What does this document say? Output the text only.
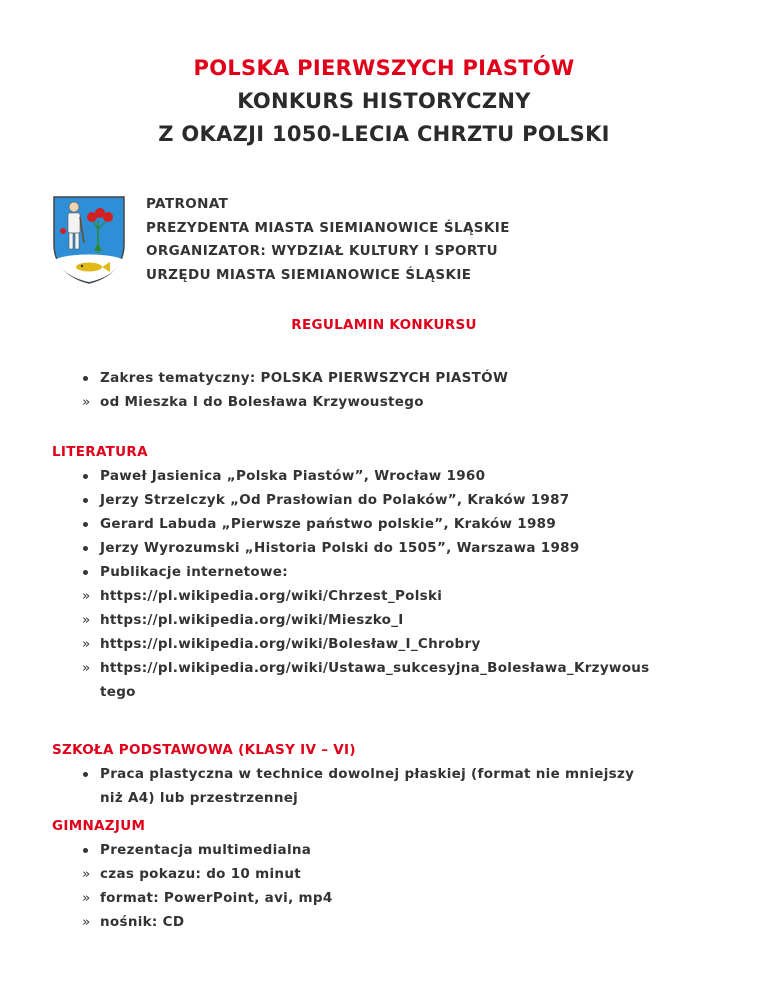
POLSKA PIERWSZYCH PIASTÓW
KONKURS HISTORYCZNY
Z OKAZJI 1050-LECIA CHRZTU POLSKI
PATRONAT
PREZYDENTA MIASTA SIEMIANOWICE ŚLĄSKIE
ORGANIZATOR: WYDZIAŁ KULTURY I SPORTU
URZĘDU MIASTA SIEMIANOWICE ŚLĄSKIE
REGULAMIN KONKURSU
Zakres tematyczny: POLSKA PIERWSZYCH PIASTÓW
» od Mieszka I do Bolesława Krzywoustego
LITERATURA
Paweł Jasienica „Polska Piastów”, Wrocław 1960
Jerzy Strzelczyk „Od Prasłowian do Polaków”, Kraków 1987
Gerard Labuda „Pierwsze państwo polskie”, Kraków 1989
Jerzy Wyrozumski „Historia Polski do 1505”, Warszawa 1989
Publikacje internetowe:
» https://pl.wikipedia.org/wiki/Chrzest_Polski
» https://pl.wikipedia.org/wiki/Mieszko_I
» https://pl.wikipedia.org/wiki/Bolesław_I_Chrobry
» https://pl.wikipedia.org/wiki/Ustawa_sukcesyjna_Bolesława_Krzywous
tego
SZKOŁA PODSTAWOWA (KLASY IV – VI)
Praca plastyczna w technice dowolnej płaskiej (format nie mniejszy
niż A4) lub przestrzennej
GIMNAZJUM
Prezentacja multimedialna
» czas pokazu: do 10 minut
» format: PowerPoint, avi, mp4
» nośnik: CD
